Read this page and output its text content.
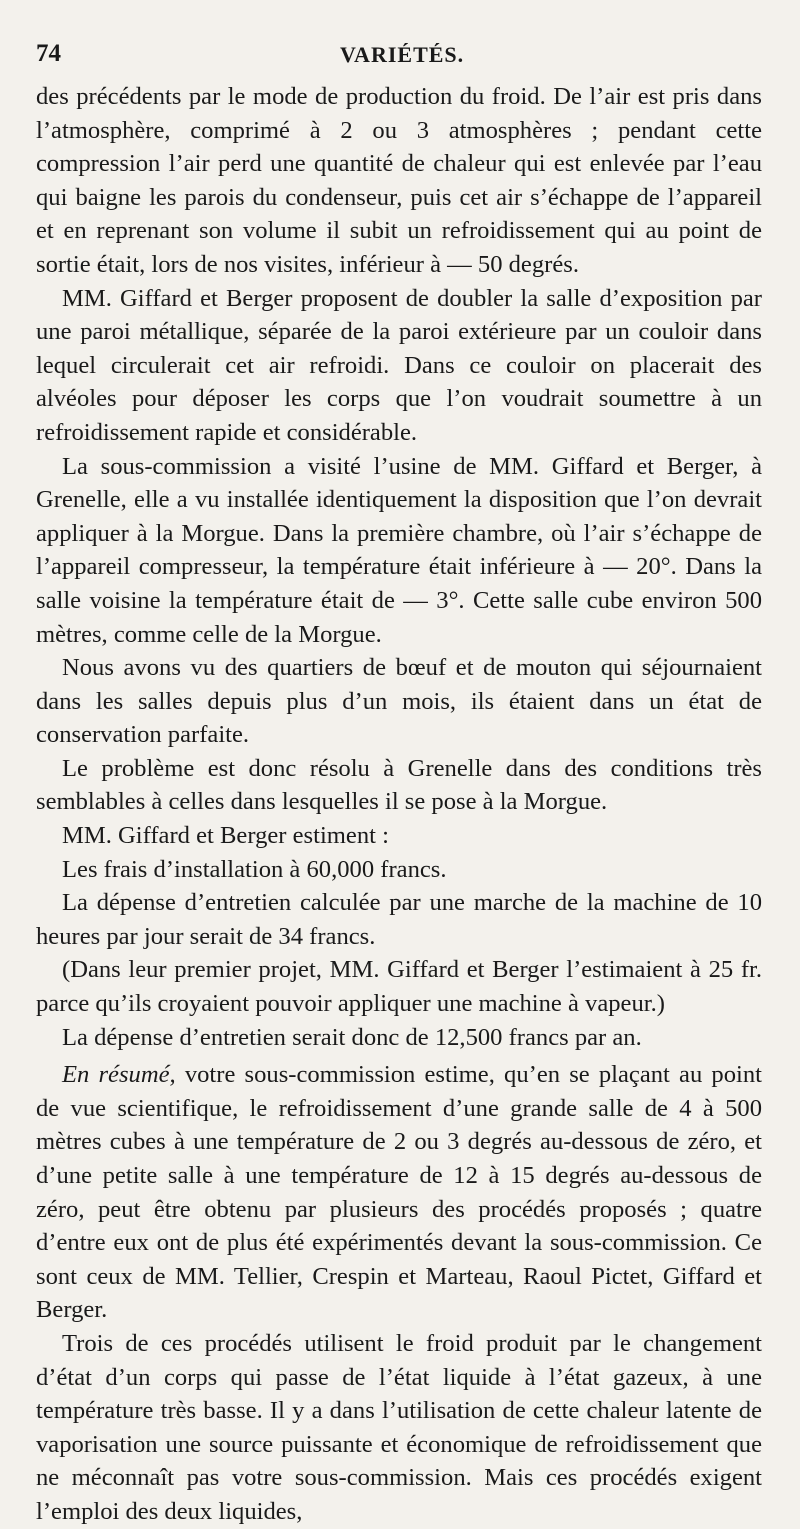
74	VARIÉTÉS.

des précédents par le mode de production du froid. De l’air est pris dans l’atmosphère, comprimé à 2 ou 3 atmosphères ; pendant cette compression l’air perd une quantité de chaleur qui est enlevée par l’eau qui baigne les parois du condenseur, puis cet air s’échappe de l’appareil et en reprenant son volume il subit un refroidissement qui au point de sortie était, lors de nos visites, inférieur à — 50 degrés.

MM. Giffard et Berger proposent de doubler la salle d’exposition par une paroi métallique, séparée de la paroi extérieure par un couloir dans lequel circulerait cet air refroidi. Dans ce couloir on placerait des alvéoles pour déposer les corps que l’on voudrait soumettre à un refroidissement rapide et considérable.

La sous-commission a visité l’usine de MM. Giffard et Berger, à Grenelle, elle a vu installée identiquement la disposition que l’on devrait appliquer à la Morgue. Dans la première chambre, où l’air s’échappe de l’appareil compresseur, la température était inférieure à — 20°. Dans la salle voisine la température était de — 3°. Cette salle cube environ 500 mètres, comme celle de la Morgue.

Nous avons vu des quartiers de bœuf et de mouton qui séjournaient dans les salles depuis plus d’un mois, ils étaient dans un état de conservation parfaite.

Le problème est donc résolu à Grenelle dans des conditions très semblables à celles dans lesquelles il se pose à la Morgue.

MM. Giffard et Berger estiment :

Les frais d’installation à 60,000 francs.

La dépense d’entretien calculée par une marche de la machine de 10 heures par jour serait de 34 francs.

(Dans leur premier projet, MM. Giffard et Berger l’estimaient à 25 fr. parce qu’ils croyaient pouvoir appliquer une machine à vapeur.)

La dépense d’entretien serait donc de 12,500 francs par an.

En résumé, votre sous-commission estime, qu’en se plaçant au point de vue scientifique, le refroidissement d’une grande salle de 4 à 500 mètres cubes à une température de 2 ou 3 degrés au-dessous de zéro, et d’une petite salle à une température de 12 à 15 degrés au-dessous de zéro, peut être obtenu par plusieurs des procédés proposés ; quatre d’entre eux ont de plus été expérimentés devant la sous-commission. Ce sont ceux de MM. Tellier, Crespin et Marteau, Raoul Pictet, Giffard et Berger.

Trois de ces procédés utilisent le froid produit par le changement d’état d’un corps qui passe de l’état liquide à l’état gazeux, à une température très basse. Il y a dans l’utilisation de cette chaleur latente de vaporisation une source puissante et économique de refroidissement que ne méconnaît pas votre sous-commission. Mais ces procédés exigent l’emploi des deux liquides,
